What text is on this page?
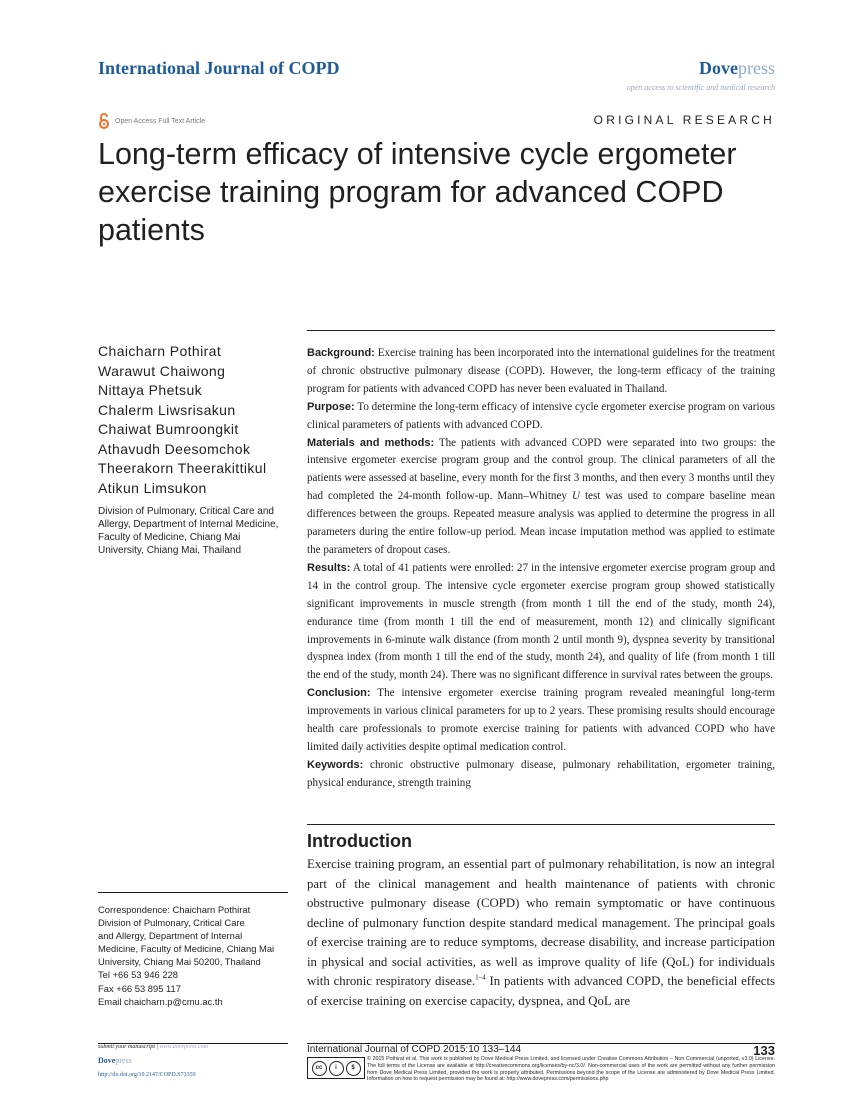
International Journal of COPD	Dovepress
open access to scientific and medical research
Open Access Full Text Article	ORIGINAL RESEARCH
Long-term efficacy of intensive cycle ergometer exercise training program for advanced COPD patients
Chaicharn Pothirat
Warawut Chaiwong
Nittaya Phetsuk
Chalerm Liwsrisakun
Chaiwat Bumroongkit
Athavudh Deesomchok
Theerakorn Theerakittikul
Atikun Limsukon
Division of Pulmonary, Critical Care and Allergy, Department of Internal Medicine, Faculty of Medicine, Chiang Mai University, Chiang Mai, Thailand

Background: Exercise training has been incorporated into the international guidelines for the treatment of chronic obstructive pulmonary disease (COPD). However, the long-term efficacy of the training program for patients with advanced COPD has never been evaluated in Thailand.

Purpose: To determine the long-term efficacy of intensive cycle ergometer exercise program on various clinical parameters of patients with advanced COPD.

Materials and methods: The patients with advanced COPD were separated into two groups: the intensive ergometer exercise program group and the control group. The clinical parameters of all the patients were assessed at baseline, every month for the first 3 months, and then every 3 months until they had completed the 24-month follow-up. Mann–Whitney U test was used to compare baseline mean differences between the groups. Repeated measure analysis was applied to determine the progress in all parameters during the entire follow-up period. Mean incase imputation method was applied to estimate the parameters of dropout cases.

Results: A total of 41 patients were enrolled: 27 in the intensive ergometer exercise program group and 14 in the control group. The intensive cycle ergometer exercise program group showed statistically significant improvements in muscle strength (from month 1 till the end of the study, month 24), endurance time (from month 1 till the end of measurement, month 12) and clinically significant improvements in 6-minute walk distance (from month 2 until month 9), dyspnea severity by transitional dyspnea index (from month 1 till the end of the study, month 24), and quality of life (from month 1 till the end of the study, month 24). There was no significant difference in survival rates between the groups.

Conclusion: The intensive ergometer exercise training program revealed meaningful long-term improvements in various clinical parameters for up to 2 years. These promising results should encourage health care professionals to promote exercise training for patients with advanced COPD who have limited daily activities despite optimal medication control.

Keywords: chronic obstructive pulmonary disease, pulmonary rehabilitation, ergometer training, physical endurance, strength training

Introduction
Exercise training program, an essential part of pulmonary rehabilitation, is now an integral part of the clinical management and health maintenance of patients with chronic obstructive pulmonary disease (COPD) who remain symptomatic or have continuous decline of pulmonary function despite standard medical management. The principal goals of exercise training are to reduce symptoms, decrease disability, and increase participation in physical and social activities, as well as improve quality of life (QoL) for individuals with chronic respiratory disease.$^{1-4}$ In patients with advanced COPD, the beneficial effects of exercise training on exercise capacity, dyspnea, and QoL are
Correspondence: Chaicharn Pothirat
Division of Pulmonary, Critical Care
and Allergy, Department of Internal
Medicine, Faculty of Medicine, Chiang Mai
University, Chiang Mai 50200, Thailand
Tel +66 53 946 228
Fax +66 53 895 117
Email chaicharn.p@cmu.ac.th
submit your manuscript | www.dovepress.com
Dovepress
http://dx.doi.org/10.2147/COPD.S73359
International Journal of COPD 2015:10 133–144	133
cc	i	$
© 2015 Pothirat et al. This work is published by Dove Medical Press Limited, and licensed under Creative Commons Attribution – Non Commercial (unported, v3.0) License. The full terms of the License are available at http://creativecommons.org/licenses/by-nc/3.0/. Non-commercial uses of the work are permitted without any further permission from Dove Medical Press Limited, provided the work is properly attributed. Permissions beyond the scope of the License are administered by Dove Medical Press Limited. Information on how to request permission may be found at: http://www.dovepress.com/permissions.php
